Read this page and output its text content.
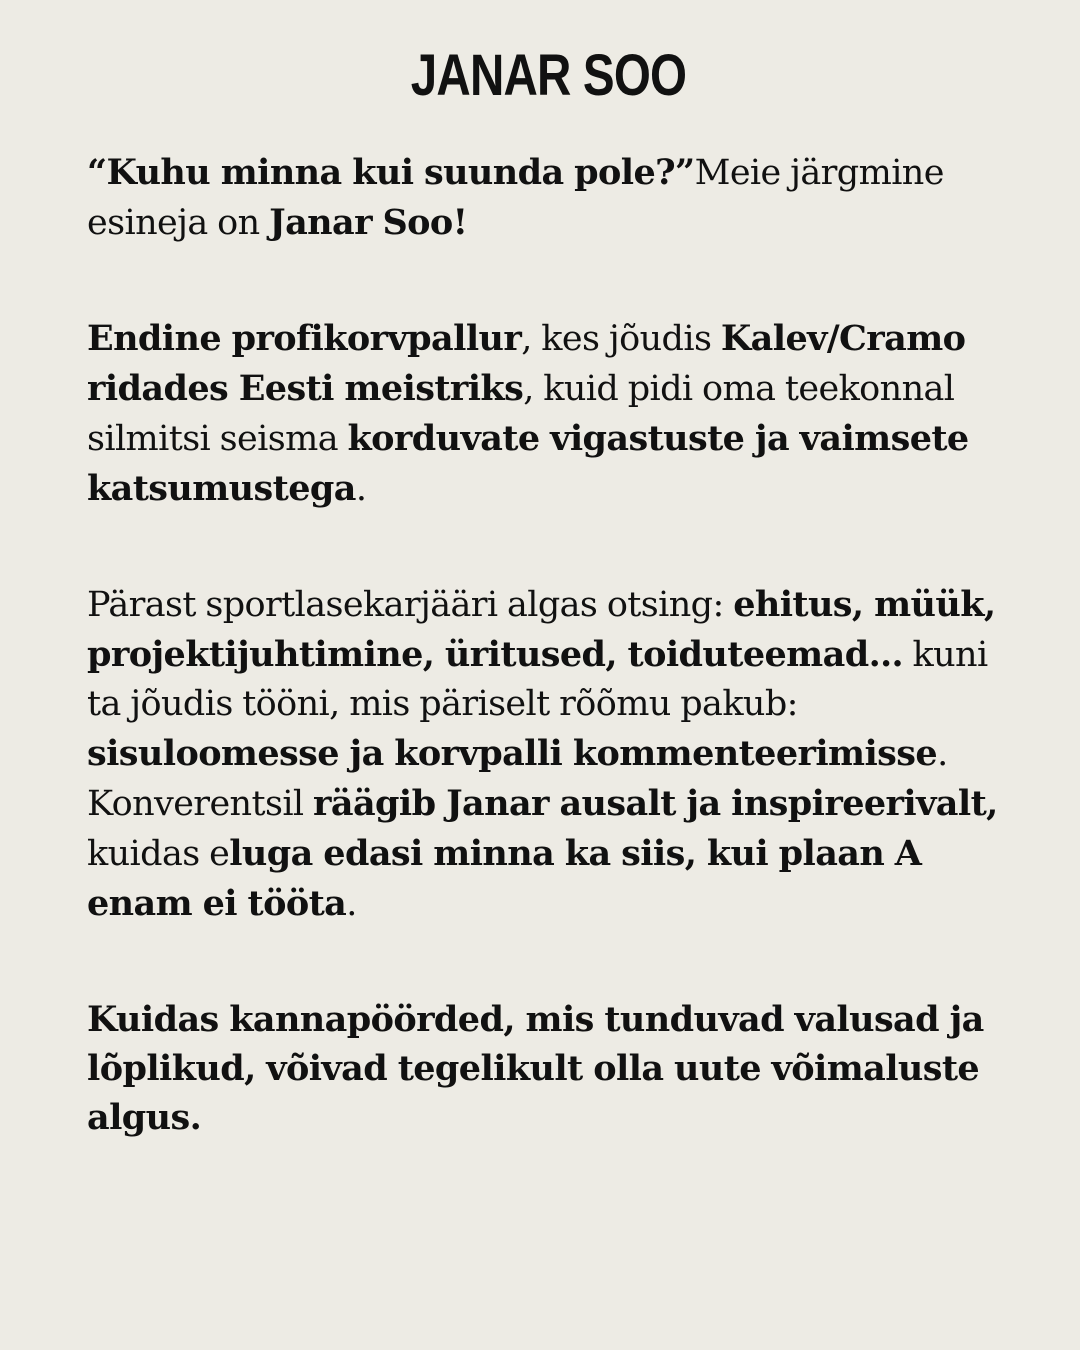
JANAR SOO

“Kuhu minna kui suunda pole?”Meie järgmine esineja on Janar Soo!

Endine profikorvpallur, kes jõudis Kalev/Cramo ridades Eesti meistriks, kuid pidi oma teekonnal silmitsi seisma korduvate vigastuste ja vaimsete katsumustega.

Pärast sportlasekarjääri algas otsing: ehitus, müük, projektijuhtimine, üritused, toiduteemad… kuni ta jõudis tööni, mis päriselt rõõmu pakub: sisuloomesse ja korvpalli kommenteerimisse. Konverentsil räägib Janar ausalt ja inspireerivalt, kuidas eluga edasi minna ka siis, kui plaan A enam ei tööta.

Kuidas kannapöörded, mis tunduvad valusad ja lõplikud, võivad tegelikult olla uute võimaluste algus.
